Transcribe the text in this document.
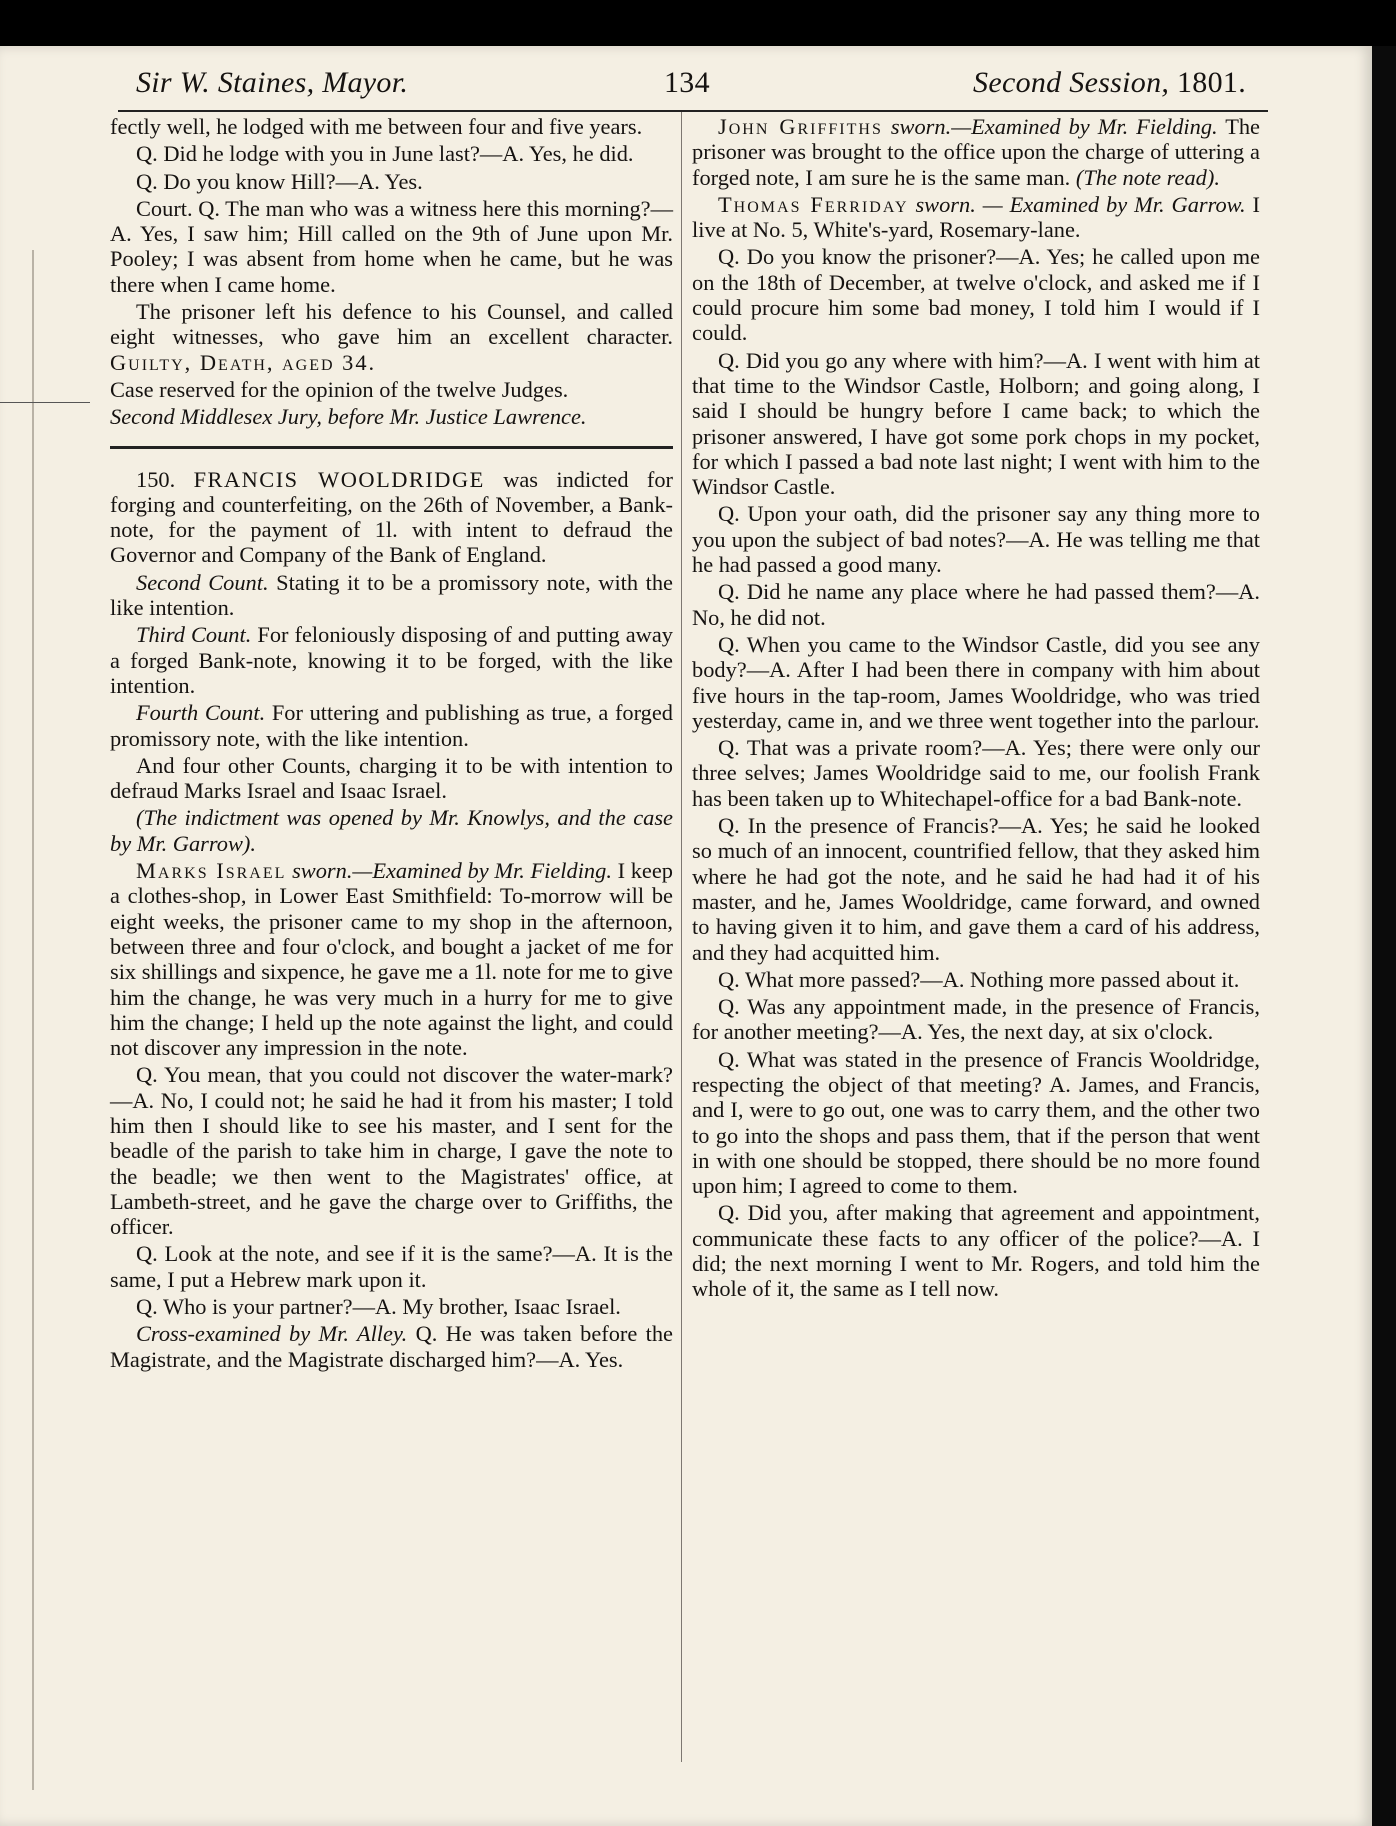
Sir W. Staines, Mayor.	134	Second Session, 1801.

fectly well, he lodged with me between four and five years.

Q. Did he lodge with you in June last?—A. Yes, he did.

Q. Do you know Hill?—A. Yes.

Court. Q. The man who was a witness here this morning?—A. Yes, I saw him; Hill called on the 9th of June upon Mr. Pooley; I was absent from home when he came, but he was there when I came home.

The prisoner left his defence to his Counsel, and called eight witnesses, who gave him an excellent character. Guilty, Death, aged 34.

Case reserved for the opinion of the twelve Judges.

Second Middlesex Jury, before Mr. Justice Lawrence.

150. FRANCIS WOOLDRIDGE was indicted for forging and counterfeiting, on the 26th of November, a Bank-note, for the payment of 1l. with intent to defraud the Governor and Company of the Bank of England.

Second Count. Stating it to be a promissory note, with the like intention.

Third Count. For feloniously disposing of and putting away a forged Bank-note, knowing it to be forged, with the like intention.

Fourth Count. For uttering and publishing as true, a forged promissory note, with the like intention.

And four other Counts, charging it to be with intention to defraud Marks Israel and Isaac Israel.

(The indictment was opened by Mr. Knowlys, and the case by Mr. Garrow).

Marks Israel sworn.—Examined by Mr. Fielding. I keep a clothes-shop, in Lower East Smithfield: To-morrow will be eight weeks, the prisoner came to my shop in the afternoon, between three and four o'clock, and bought a jacket of me for six shillings and sixpence, he gave me a 1l. note for me to give him the change, he was very much in a hurry for me to give him the change; I held up the note against the light, and could not discover any impression in the note.

Q. You mean, that you could not discover the water-mark?—A. No, I could not; he said he had it from his master; I told him then I should like to see his master, and I sent for the beadle of the parish to take him in charge, I gave the note to the beadle; we then went to the Magistrates' office, at Lambeth-street, and he gave the charge over to Griffiths, the officer.

Q. Look at the note, and see if it is the same?—A. It is the same, I put a Hebrew mark upon it.

Q. Who is your partner?—A. My brother, Isaac Israel.

Cross-examined by Mr. Alley. Q. He was taken before the Magistrate, and the Magistrate discharged him?—A. Yes.

John Griffiths sworn.—Examined by Mr. Fielding. The prisoner was brought to the office upon the charge of uttering a forged note, I am sure he is the same man. (The note read).

Thomas Ferriday sworn. — Examined by Mr. Garrow. I live at No. 5, White's-yard, Rosemary-lane.

Q. Do you know the prisoner?—A. Yes; he called upon me on the 18th of December, at twelve o'clock, and asked me if I could procure him some bad money, I told him I would if I could.

Q. Did you go any where with him?—A. I went with him at that time to the Windsor Castle, Holborn; and going along, I said I should be hungry before I came back; to which the prisoner answered, I have got some pork chops in my pocket, for which I passed a bad note last night; I went with him to the Windsor Castle.

Q. Upon your oath, did the prisoner say any thing more to you upon the subject of bad notes?—A. He was telling me that he had passed a good many.

Q. Did he name any place where he had passed them?—A. No, he did not.

Q. When you came to the Windsor Castle, did you see any body?—A. After I had been there in company with him about five hours in the tap-room, James Wooldridge, who was tried yesterday, came in, and we three went together into the parlour.

Q. That was a private room?—A. Yes; there were only our three selves; James Wooldridge said to me, our foolish Frank has been taken up to Whitechapel-office for a bad Bank-note.

Q. In the presence of Francis?—A. Yes; he said he looked so much of an innocent, countrified fellow, that they asked him where he had got the note, and he said he had had it of his master, and he, James Wooldridge, came forward, and owned to having given it to him, and gave them a card of his address, and they had acquitted him.

Q. What more passed?—A. Nothing more passed about it.

Q. Was any appointment made, in the presence of Francis, for another meeting?—A. Yes, the next day, at six o'clock.

Q. What was stated in the presence of Francis Wooldridge, respecting the object of that meeting? A. James, and Francis, and I, were to go out, one was to carry them, and the other two to go into the shops and pass them, that if the person that went in with one should be stopped, there should be no more found upon him; I agreed to come to them.

Q. Did you, after making that agreement and appointment, communicate these facts to any officer of the police?—A. I did; the next morning I went to Mr. Rogers, and told him the whole of it, the same as I tell now.
